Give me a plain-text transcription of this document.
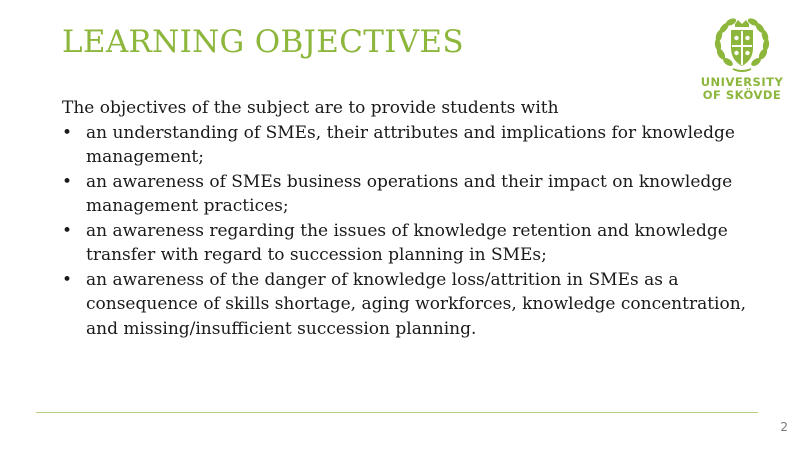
LEARNING OBJECTIVES
UNIVERSITY
OF SKÖVDE

The objectives of the subject are to provide students with

• an understanding of SMEs, their attributes and implications for knowledge management;
• an awareness of SMEs business operations and their impact on knowledge management practices;
• an awareness regarding the issues of knowledge retention and knowledge transfer with regard to succession planning in SMEs;
• an awareness of the danger of knowledge loss/attrition in SMEs as a consequence of skills shortage, aging workforces, knowledge concentration, and missing/insufficient succession planning.
2
